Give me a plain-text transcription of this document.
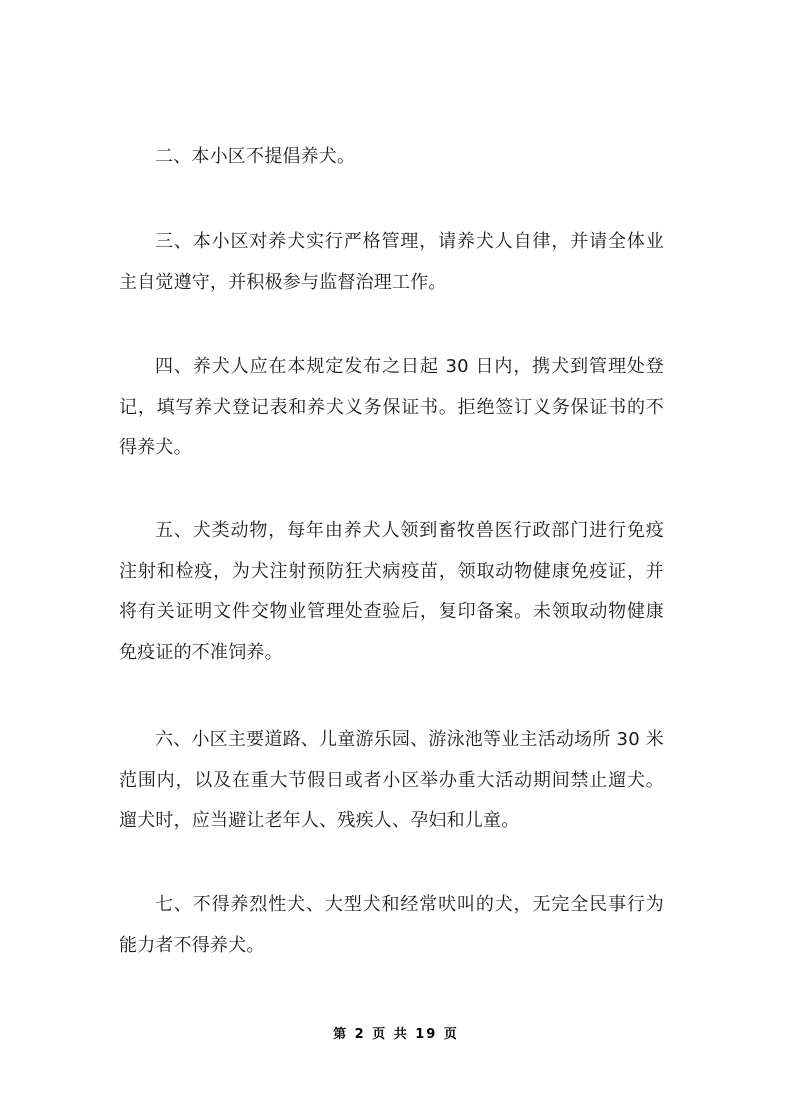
二、本小区不提倡养犬。

三、本小区对养犬实行严格管理，请养犬人自律，并请全体业主自觉遵守，并积极参与监督治理工作。

四、养犬人应在本规定发布之日起 30 日内，携犬到管理处登记，填写养犬登记表和养犬义务保证书。拒绝签订义务保证书的不得养犬。

五、犬类动物，每年由养犬人领到畜牧兽医行政部门进行免疫注射和检疫，为犬注射预防狂犬病疫苗，领取动物健康免疫证，并将有关证明文件交物业管理处查验后，复印备案。未领取动物健康免疫证的不准饲养。

六、小区主要道路、儿童游乐园、游泳池等业主活动场所 30 米范围内，以及在重大节假日或者小区举办重大活动期间禁止遛犬。遛犬时，应当避让老年人、残疾人、孕妇和儿童。

七、不得养烈性犬、大型犬和经常吠叫的犬，无完全民事行为能力者不得养犬。

第 2 页 共 19 页
